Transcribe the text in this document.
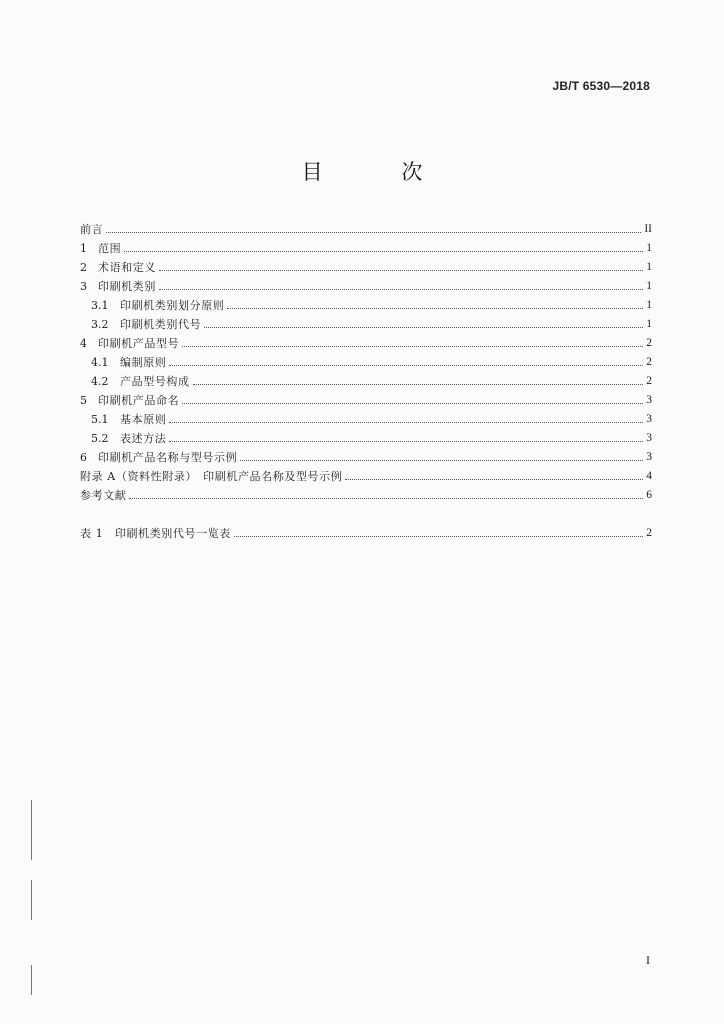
JB/T 6530—2018
目 次
前言	II
1	范围	1
2	术语和定义	1
3	印刷机类别	1
3.1	印刷机类别划分原则	1
3.2	印刷机类别代号	1
4	印刷机产品型号	2
4.1	编制原则	2
4.2	产品型号构成	2
5	印刷机产品命名	3
5.1	基本原则	3
5.2	表述方法	3
6	印刷机产品名称与型号示例	3
附录 A（资料性附录）　印刷机产品名称及型号示例	4
参考文献	6
表 1　印刷机类别代号一览表	2
I
